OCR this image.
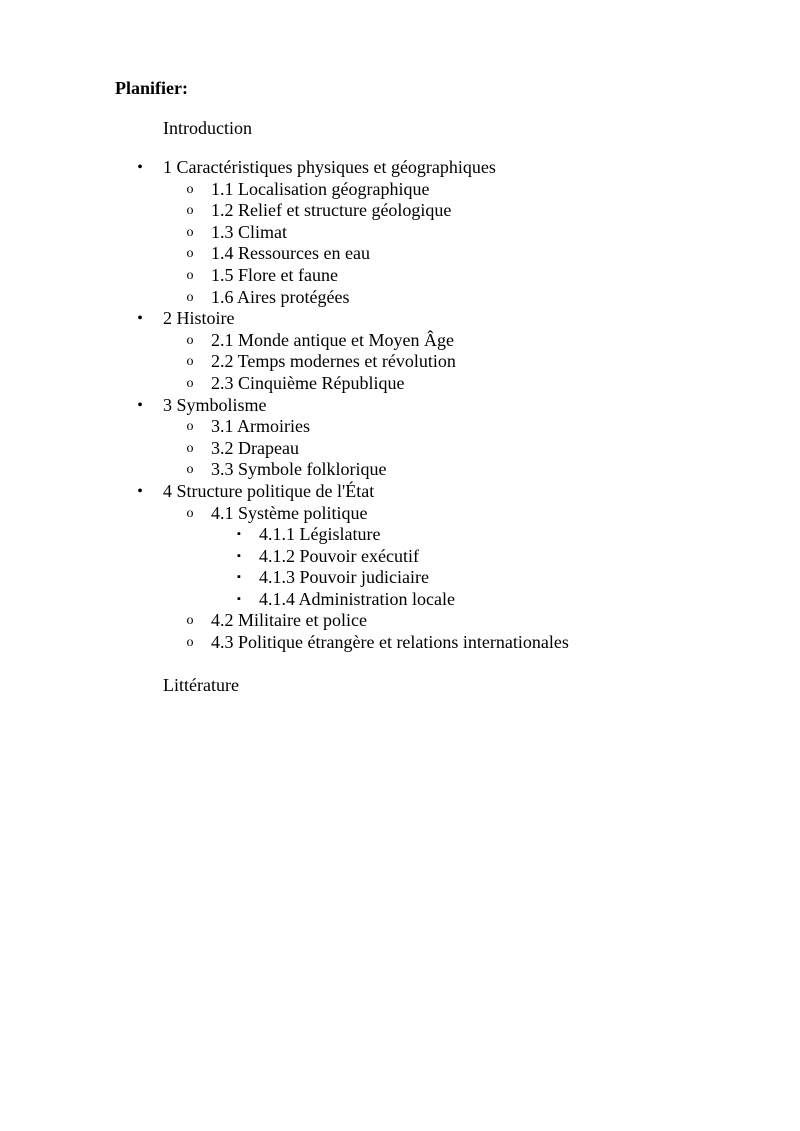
Planifier:

Introduction

• 1 Caractéristiques physiques et géographiques
o 1.1 Localisation géographique
o 1.2 Relief et structure géologique
o 1.3 Climat
o 1.4 Ressources en eau
o 1.5 Flore et faune
o 1.6 Aires protégées
• 2 Histoire
o 2.1 Monde antique et Moyen Âge
o 2.2 Temps modernes et révolution
o 2.3 Cinquième République
• 3 Symbolisme
o 3.1 Armoiries
o 3.2 Drapeau
o 3.3 Symbole folklorique
• 4 Structure politique de l'État
o 4.1 Système politique
▪ 4.1.1 Législature
▪ 4.1.2 Pouvoir exécutif
▪ 4.1.3 Pouvoir judiciaire
▪ 4.1.4 Administration locale
o 4.2 Militaire et police
o 4.3 Politique étrangère et relations internationales

Littérature
